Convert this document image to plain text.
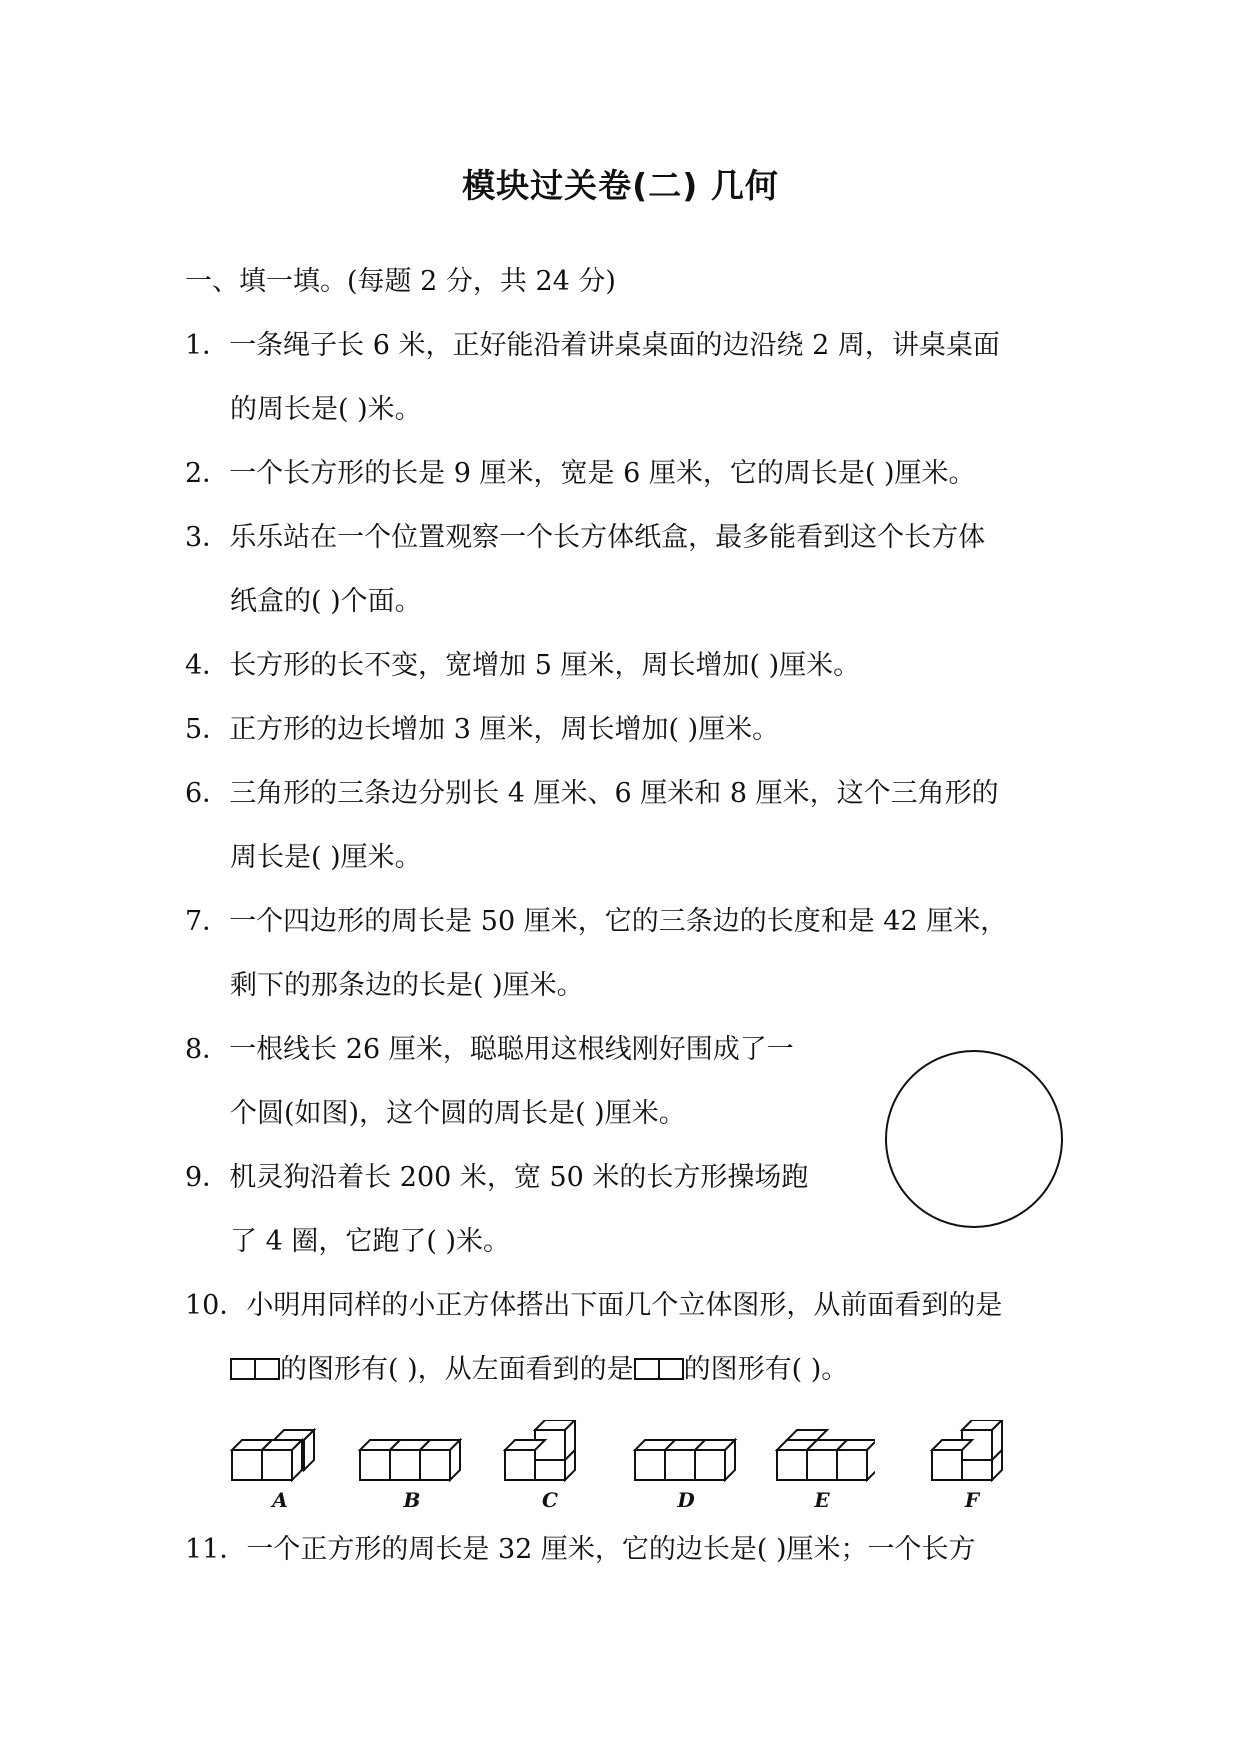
模块过关卷(二) 几何
一、填一填。(每题 2 分，共 24 分)
1．一条绳子长 6 米，正好能沿着讲桌桌面的边沿绕 2 周，讲桌桌面
的周长是( )米。
2．一个长方形的长是 9 厘米，宽是 6 厘米，它的周长是( )厘米。
3．乐乐站在一个位置观察一个长方体纸盒，最多能看到这个长方体
纸盒的( )个面。
4．长方形的长不变，宽增加 5 厘米，周长增加( )厘米。
5．正方形的边长增加 3 厘米，周长增加( )厘米。
6．三角形的三条边分别长 4 厘米、6 厘米和 8 厘米，这个三角形的
周长是( )厘米。
7．一个四边形的周长是 50 厘米，它的三条边的长度和是 42 厘米，
剩下的那条边的长是( )厘米。
8．一根线长 26 厘米，聪聪用这根线刚好围成了一
个圆(如图)，这个圆的周长是( )厘米。
9．机灵狗沿着长 200 米，宽 50 米的长方形操场跑
了 4 圈，它跑了( )米。
10．小明用同样的小正方体搭出下面几个立体图形，从前面看到的是
的图形有( )，从左面看到的是 的图形有( )。
A	B	C	D	E	F
11．一个正方形的周长是 32 厘米，它的边长是( )厘米；一个长方
